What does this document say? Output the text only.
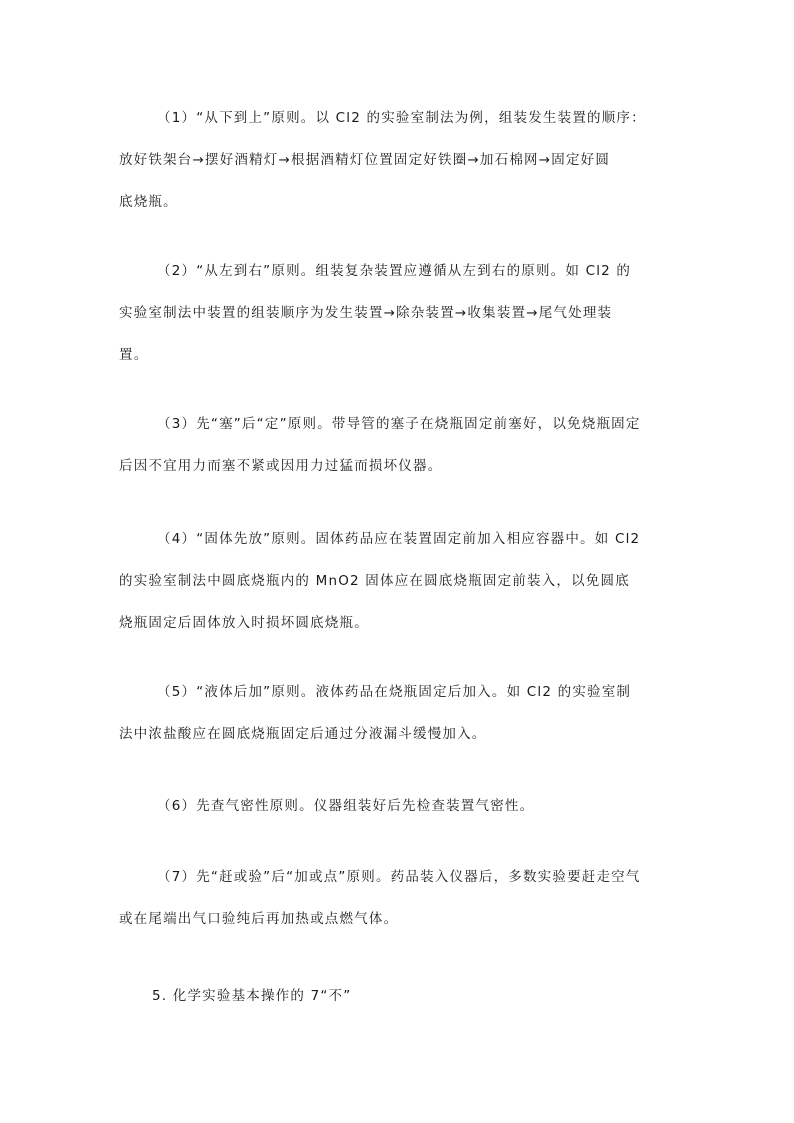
（1）“从下到上”原则。以 Cl2 的实验室制法为例，组装发生装置的顺序：
放好铁架台→摆好酒精灯→根据酒精灯位置固定好铁圈→加石棉网→固定好圆
底烧瓶。
（2）“从左到右”原则。组装复杂装置应遵循从左到右的原则。如 Cl2 的
实验室制法中装置的组装顺序为发生装置→除杂装置→收集装置→尾气处理装
置。
（3）先“塞”后“定”原则。带导管的塞子在烧瓶固定前塞好，以免烧瓶固定
后因不宜用力而塞不紧或因用力过猛而损坏仪器。
（4）“固体先放”原则。固体药品应在装置固定前加入相应容器中。如 Cl2
的实验室制法中圆底烧瓶内的 MnO2 固体应在圆底烧瓶固定前装入，以免圆底
烧瓶固定后固体放入时损坏圆底烧瓶。
（5）“液体后加”原则。液体药品在烧瓶固定后加入。如 Cl2 的实验室制
法中浓盐酸应在圆底烧瓶固定后通过分液漏斗缓慢加入。
（6）先查气密性原则。仪器组装好后先检查装置气密性。
（7）先“赶或验”后“加或点”原则。药品装入仪器后，多数实验要赶走空气
或在尾端出气口验纯后再加热或点燃气体。
5. 化学实验基本操作的 7“不”
